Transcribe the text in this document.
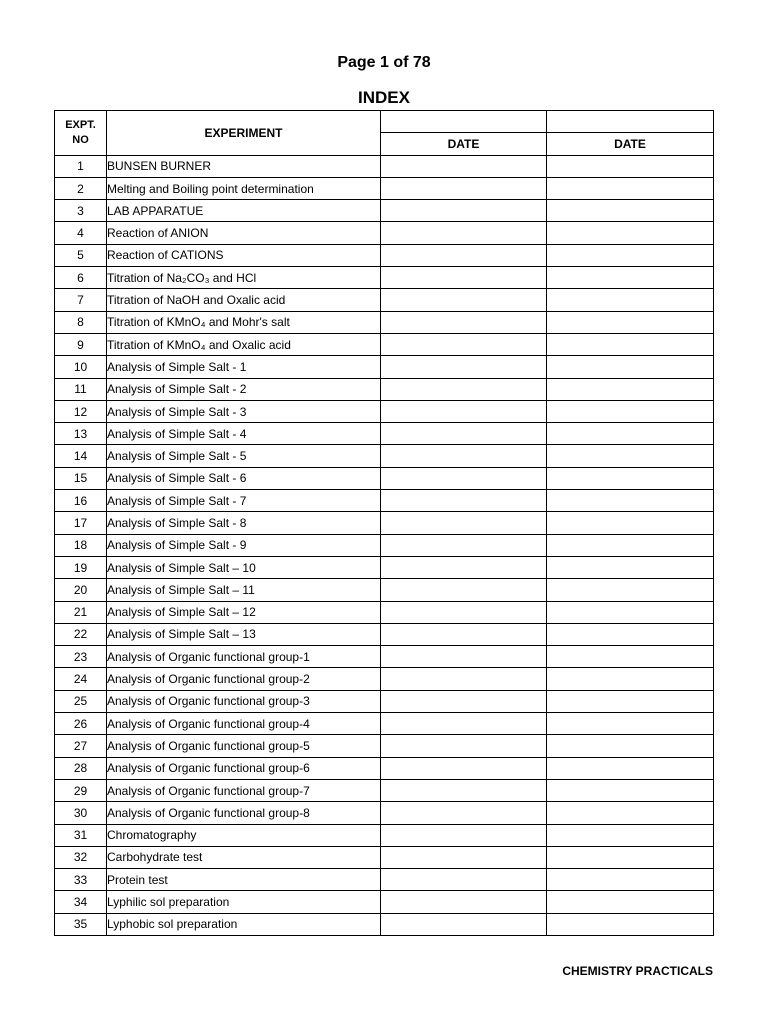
Page 1 of 78
INDEX
EXPT.
NO	EXPERIMENT		
		DATE	DATE
1	BUNSEN BURNER		
2	Melting and Boiling point determination		
3	LAB APPARATUE		
4	Reaction of ANION		
5	Reaction of CATIONS		
6	Titration of Na₂CO₃ and HCl		
7	Titration of NaOH and Oxalic acid		
8	Titration of KMnO₄ and Mohr's salt		
9	Titration of KMnO₄ and Oxalic acid		
10	Analysis of Simple Salt - 1		
11	Analysis of Simple Salt - 2		
12	Analysis of Simple Salt - 3		
13	Analysis of Simple Salt - 4		
14	Analysis of Simple Salt - 5		
15	Analysis of Simple Salt - 6		
16	Analysis of Simple Salt - 7		
17	Analysis of Simple Salt - 8		
18	Analysis of Simple Salt - 9		
19	Analysis of Simple Salt – 10		
20	Analysis of Simple Salt – 11		
21	Analysis of Simple Salt – 12		
22	Analysis of Simple Salt – 13		
23	Analysis of Organic functional group-1		
24	Analysis of Organic functional group-2		
25	Analysis of Organic functional group-3		
26	Analysis of Organic functional group-4		
27	Analysis of Organic functional group-5		
28	Analysis of Organic functional group-6		
29	Analysis of Organic functional group-7		
30	Analysis of Organic functional group-8		
31	Chromatography		
32	Carbohydrate test		
33	Protein test		
34	Lyphilic sol preparation		
35	Lyphobic sol preparation		
CHEMISTRY PRACTICALS
